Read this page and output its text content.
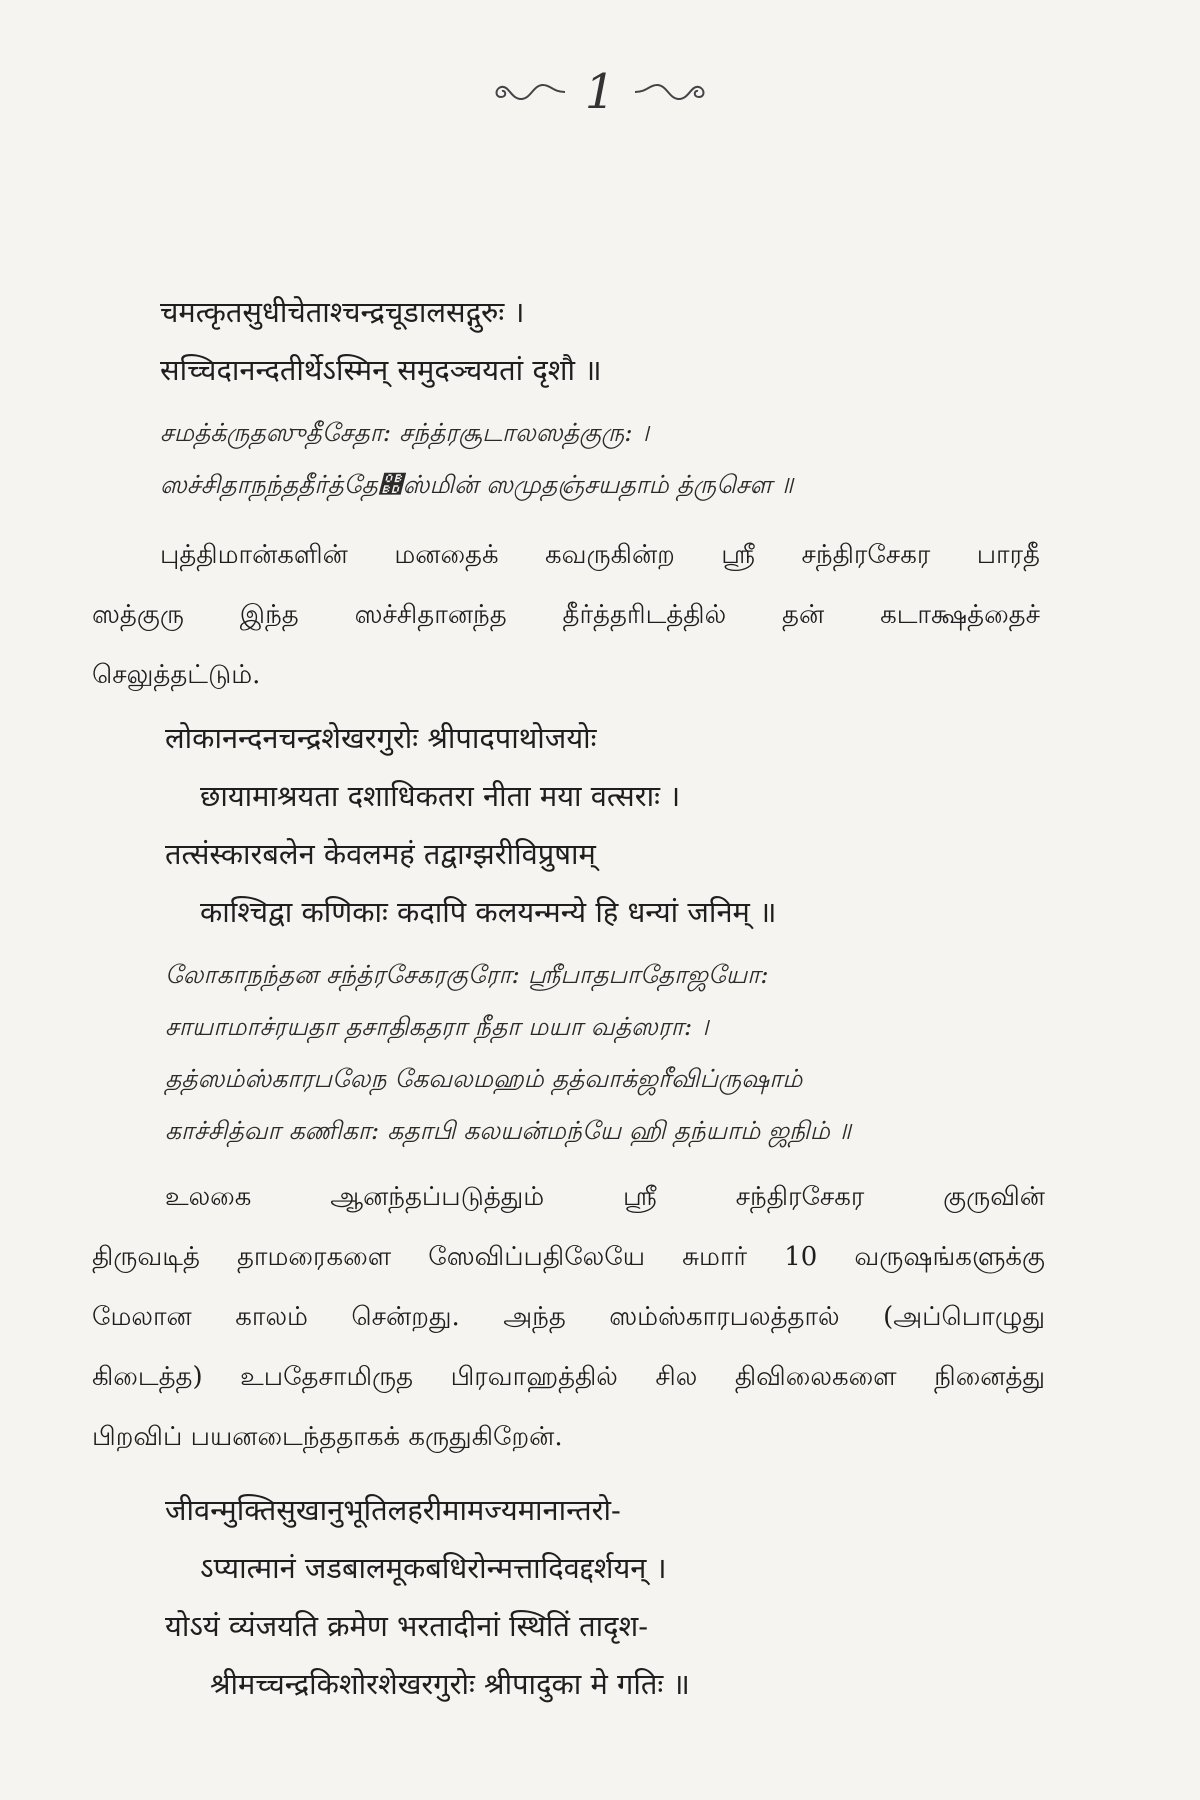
1
चमत्कृतसुधीचेताश्चन्द्रचूडालसद्गुरुः ।
सच्चिदानन्दतीर्थेऽस्मिन् समुदञ्चयतां दृशौ ॥
சமத்க்ருதஸுதீசேதா: சந்த்ரசூடாலஸத்குரு: ।
ஸச்சிதாநந்ததீர்த்தே஽ஸ்மின் ஸமுதஞ்சயதாம் த்ருசௌ ॥
புத்திமான்களின் மனதைக் கவருகின்ற ஸ்ரீ சந்திரசேகர பாரதீ
ஸத்குரு இந்த ஸச்சிதானந்த தீர்த்தரிடத்தில் தன் கடாக்ஷத்தைச்
செலுத்தட்டும்.
लोकानन्दनचन्द्रशेखरगुरोः श्रीपादपाथोजयोः
छायामाश्रयता दशाधिकतरा नीता मया वत्सराः ।
तत्संस्कारबलेन केवलमहं तद्वाग्झरीविप्रुषाम्
काश्चिद्वा कणिकाः कदापि कलयन्मन्ये हि धन्यां जनिम् ॥
லோகாநந்தன சந்த்ரசேகரகுரோ: ஸ்ரீபாதபாதோஜயோ:
சாயாமாச்ரயதா தசாதிகதரா நீதா மயா வத்ஸரா: ।
தத்ஸம்ஸ்காரபலேந கேவலமஹம் தத்வாக்ஜரீவிப்ருஷாம்
காச்சித்வா கணிகா: கதாபி கலயன்மந்யே ஹி தந்யாம் ஜநிம் ॥
உலகை ஆனந்தப்படுத்தும் ஸ்ரீ சந்திரசேகர குருவின்
திருவடித் தாமரைகளை ஸேவிப்பதிலேயே சுமார் 10 வருஷங்களுக்கு
மேலான காலம் சென்றது. அந்த ஸம்ஸ்காரபலத்தால் (அப்பொழுது
கிடைத்த) உபதேசாமிருத பிரவாஹத்தில் சில திவிலைகளை நினைத்து
பிறவிப் பயனடைந்ததாகக் கருதுகிறேன்.
जीवन्मुक्तिसुखानुभूतिलहरीमामज्यमानान्तरो-
ऽप्यात्मानं जडबालमूकबधिरोन्मत्तादिवद्दर्शयन् ।
योऽयं व्यंजयति क्रमेण भरतादीनां स्थितिं तादृश-
श्रीमच्चन्द्रकिशोरशेखरगुरोः श्रीपादुका मे गतिः ॥
